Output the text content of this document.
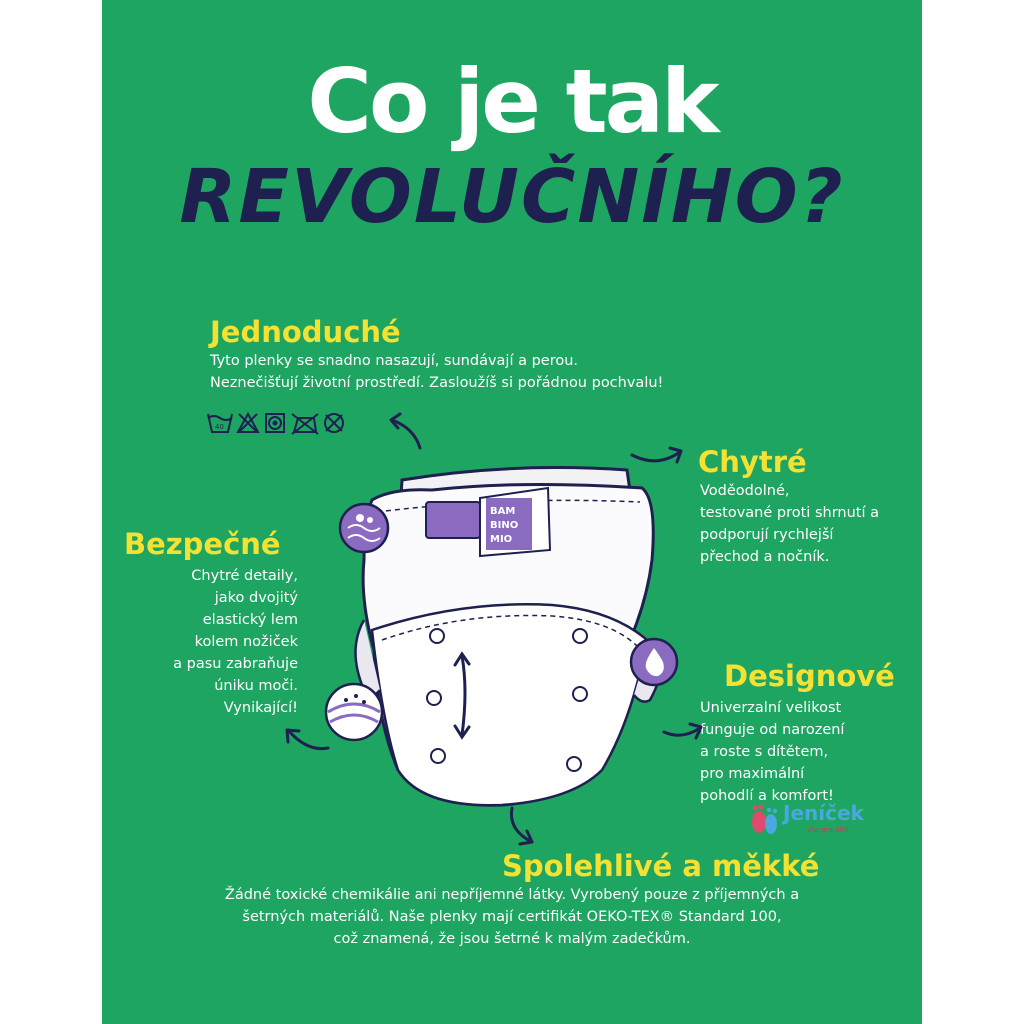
Co je tak
REVOLUČNÍHO?
Jednoduché
Tyto plenky se snadno nasazují, sundávají a perou.
Neznečišťují životní prostředí. Zasloužíš si pořádnou pochvalu!
Chytré
Voděodolné,
testované proti shrnutí a
podporují rychlejší
přechod a nočník.
Bezpečné
Chytré detaily,
jako dvojitý
elastický lem
kolem nožiček
a pasu zabraňuje
úniku moči.
Vynikající!
Designové
Univerzalní velikost
funguje od narození
a roste s dítětem,
pro maximální
pohodlí a komfort!
Spolehlivé a měkké
Žádné toxické chemikálie ani nepříjemné látky. Vyrobený pouze z příjemných a
šetrných materiálů. Naše plenky mají certifikát OEKO-TEX® Standard 100,
což znamená, že jsou šetrné k malým zadečkům.
40
BAM
BINO
MIO
Jeníček
vše pro dítě
